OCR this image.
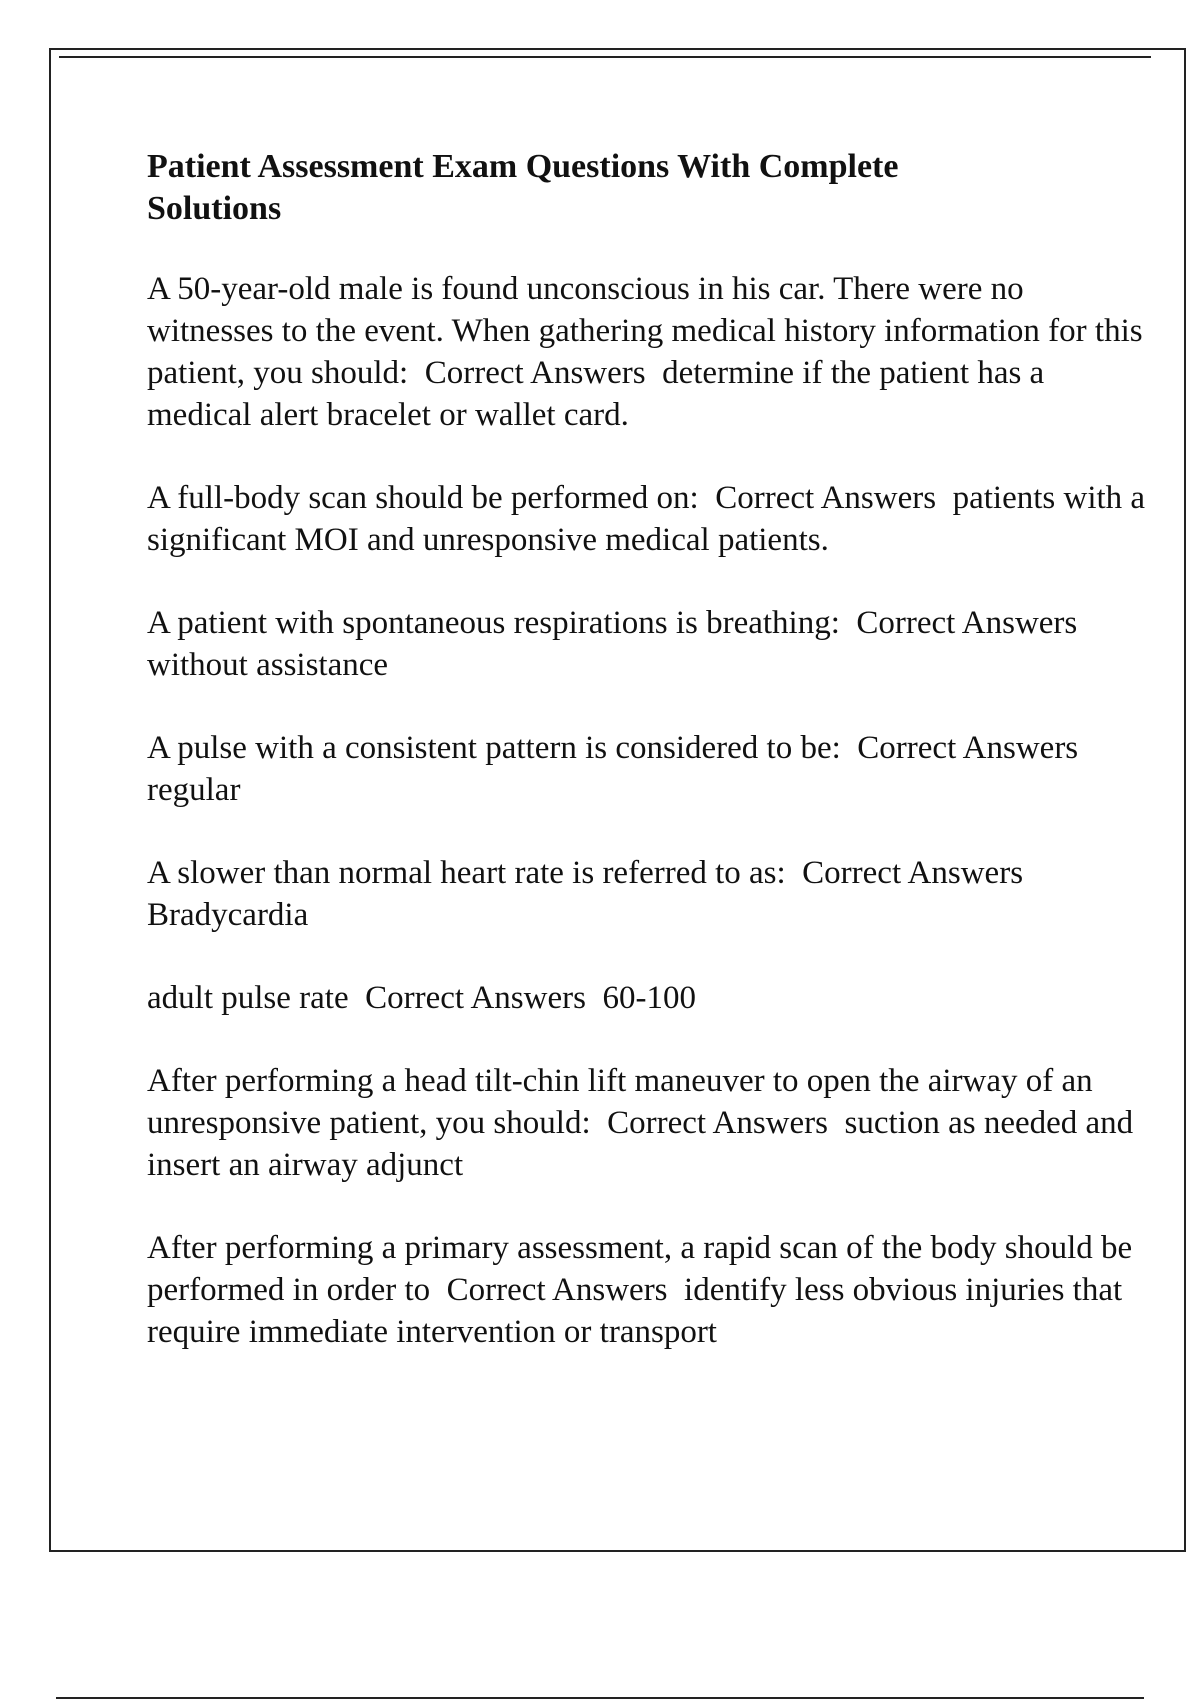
Patient Assessment Exam Questions With Complete Solutions

A 50-year-old male is found unconscious in his car. There were no witnesses to the event. When gathering medical history information for this patient, you should:  Correct Answers  determine if the patient has a medical alert bracelet or wallet card.

A full-body scan should be performed on:  Correct Answers  patients with a significant MOI and unresponsive medical patients.

A patient with spontaneous respirations is breathing:  Correct Answers  without assistance

A pulse with a consistent pattern is considered to be:  Correct Answers  regular

A slower than normal heart rate is referred to as:  Correct Answers  Bradycardia

adult pulse rate  Correct Answers  60-100

After performing a head tilt-chin lift maneuver to open the airway of an unresponsive patient, you should:  Correct Answers  suction as needed and insert an airway adjunct

After performing a primary assessment, a rapid scan of the body should be performed in order to  Correct Answers  identify less obvious injuries that require immediate intervention or transport
